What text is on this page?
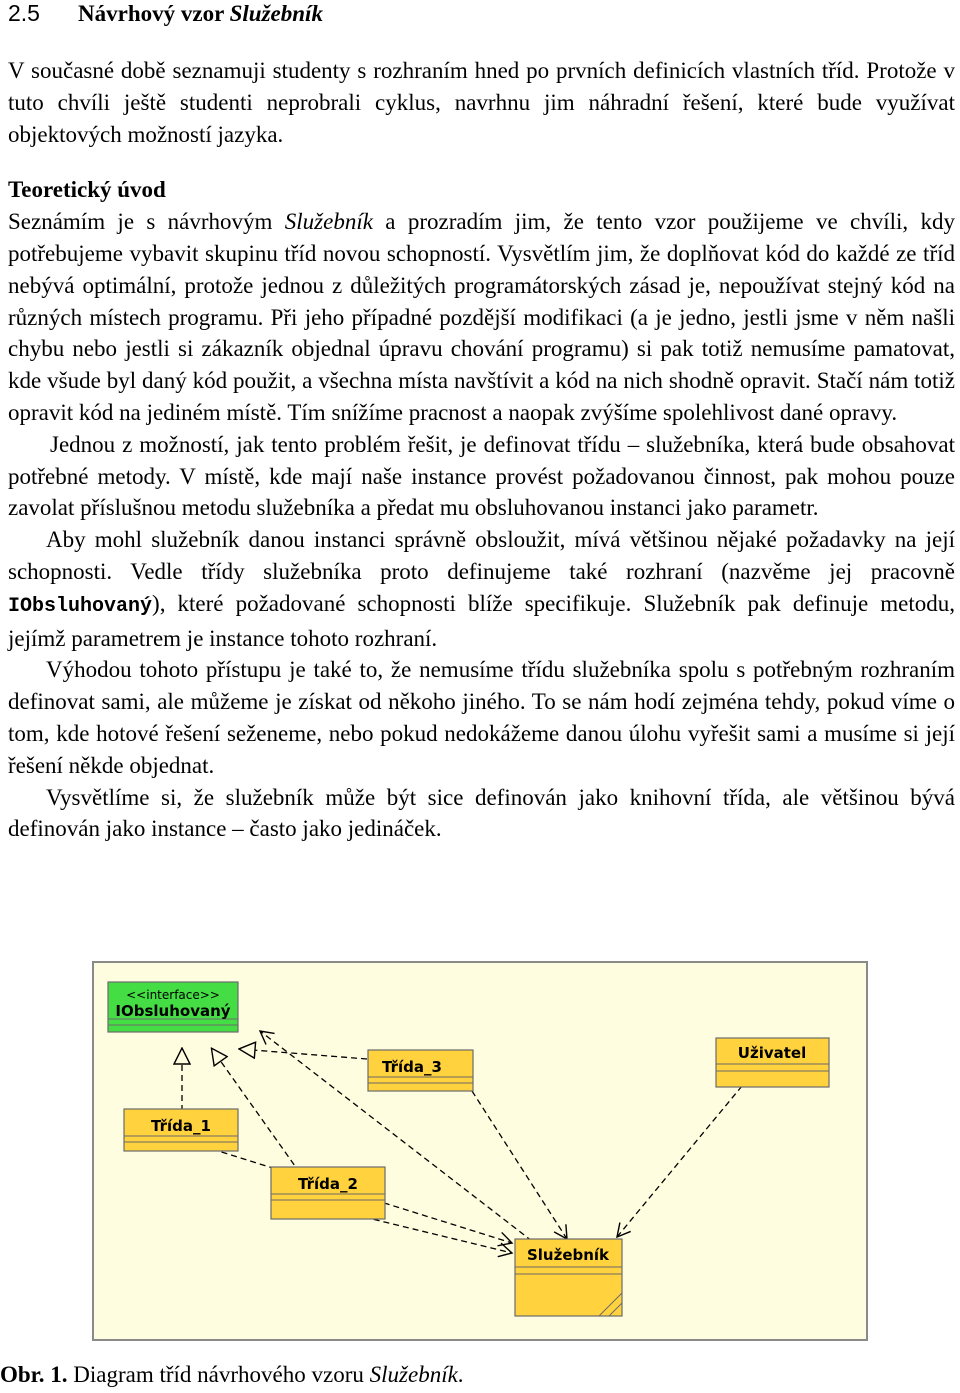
2.5 Návrhový vzor Služebník

V současné době seznamuji studenty s rozhraním hned po prvních definicích vlastních tříd. Protože v tuto chvíli ještě studenti neprobrali cyklus, navrhnu jim náhradní řešení, které bude využívat objektových možností jazyka.

Teoretický úvod

Seznámím je s návrhovým Služebník a prozradím jim, že tento vzor použijeme ve chvíli, kdy potřebujeme vybavit skupinu tříd novou schopností. Vysvětlím jim, že doplňovat kód do každé ze tříd nebývá optimální, protože jednou z důležitých programátorských zásad je, nepoužívat stejný kód na různých místech programu. Při jeho případné pozdější modifikaci (a je jedno, jestli jsme v něm našli chybu nebo jestli si zákazník objednal úpravu chování programu) si pak totiž nemusíme pamatovat, kde všude byl daný kód použit, a všechna místa navštívit a kód na nich shodně opravit. Stačí nám totiž opravit kód na jediném místě. Tím snížíme pracnost a naopak zvýšíme spolehlivost dané opravy.

Jednou z možností, jak tento problém řešit, je definovat třídu – služebníka, která bude obsahovat potřebné metody. V místě, kde mají naše instance provést požadovanou činnost, pak mohou pouze zavolat příslušnou metodu služebníka a předat mu obsluhovanou instanci jako parametr.

Aby mohl služebník danou instanci správně obsloužit, mívá většinou nějaké požadavky na její schopnosti. Vedle třídy služebníka proto definujeme také rozhraní (nazvěme jej pracovně IObsluhovaný), které požadované schopnosti blíže specifikuje. Služebník pak definuje metodu, jejímž parametrem je instance tohoto rozhraní.

Výhodou tohoto přístupu je také to, že nemusíme třídu služebníka spolu s potřebným rozhraním definovat sami, ale můžeme je získat od někoho jiného. To se nám hodí zejména tehdy, pokud víme o tom, kde hotové řešení seženeme, nebo pokud nedokážeme danou úlohu vyřešit sami a musíme si její řešení někde objednat.

Vysvětlíme si, že služebník může být sice definován jako knihovní třída, ale většinou bývá definován jako instance – často jako jedináček.

<<interface>>
IObsluhovaný
Třída_3
Uživatel
Třída_1
Třída_2
Služebník

Obr. 1. Diagram tříd návrhového vzoru Služebník.
